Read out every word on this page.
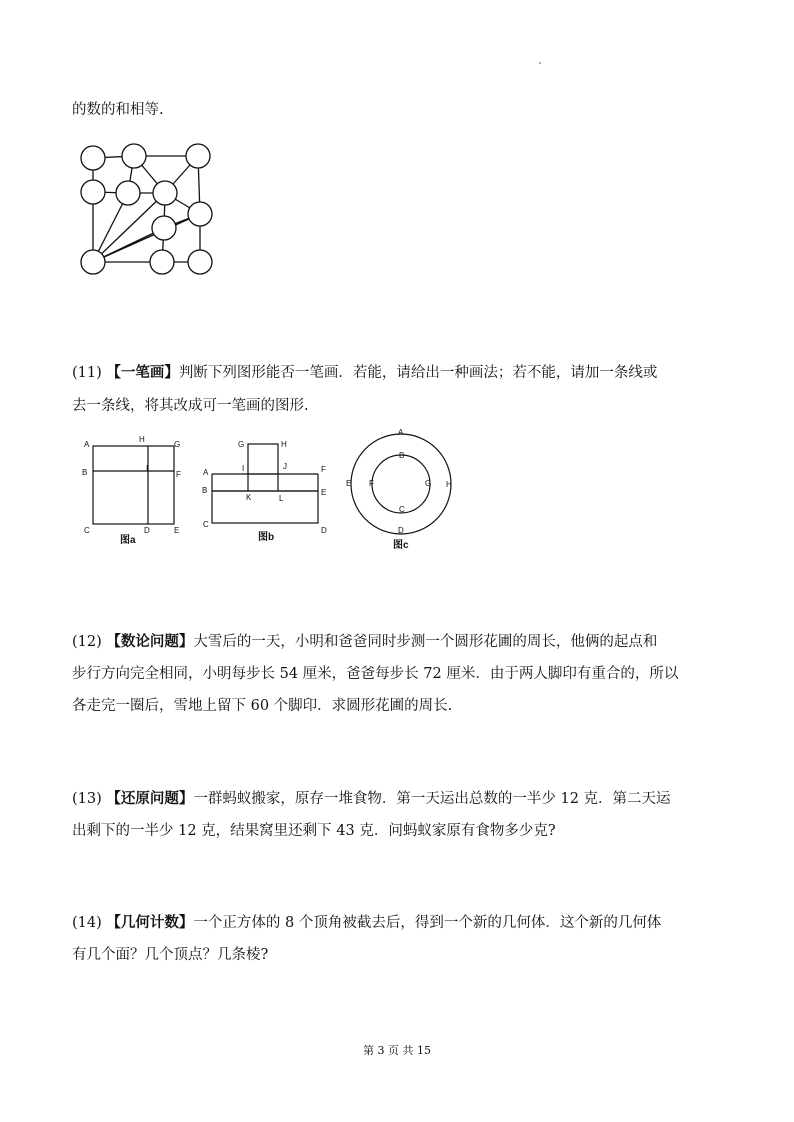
的数的和相等.
(11) 【一笔画】判断下列图形能否一笔画．若能，请给出一种画法；若不能，请加一条线或
去一条线，将其改成可一笔画的图形.
A
H
G
B	I
F
C	D	E
图a
G	H
A	I	J	F
B
K	L
E
C
D
图b
A
B
E F	G H
C
D
图c
(12) 【数论问题】大雪后的一天，小明和爸爸同时步测一个圆形花圃的周长，他俩的起点和
步行方向完全相同，小明每步长 54 厘米，爸爸每步长 72 厘米．由于两人脚印有重合的，所以
各走完一圈后，雪地上留下 60 个脚印．求圆形花圃的周长.
(13) 【还原问题】一群蚂蚁搬家，原存一堆食物．第一天运出总数的一半少 12 克．第二天运
出剩下的一半少 12 克，结果窝里还剩下 43 克．问蚂蚁家原有食物多少克?
(14) 【几何计数】一个正方体的 8 个顶角被截去后，得到一个新的几何体．这个新的几何体
有几个面？几个顶点？几条棱?
第 3 页 共 15
